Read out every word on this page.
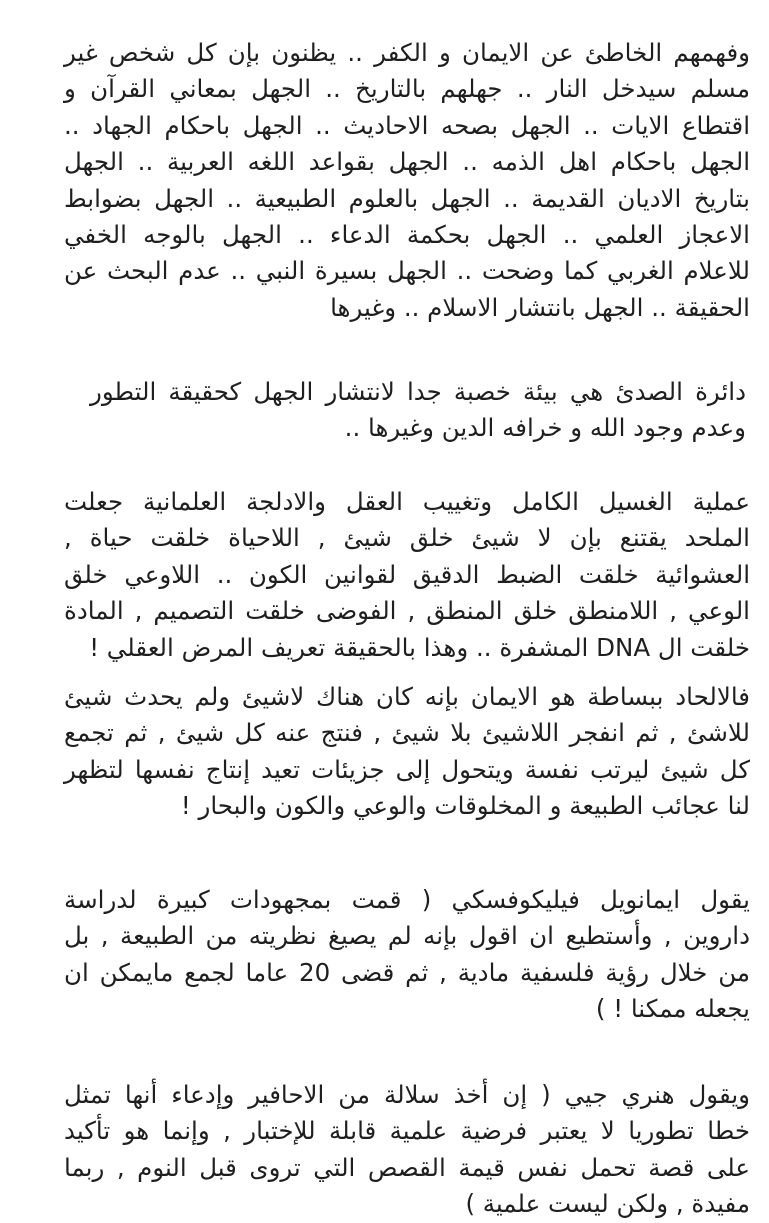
وفهمهم الخاطئ عن الايمان و الكفر .. يظنون بإن كل شخص غير
مسلم سيدخل النار .. جهلهم بالتاريخ .. الجهل بمعاني القرآن و
اقتطاع الايات .. الجهل بصحه الاحاديث .. الجهل باحكام الجهاد ..
الجهل باحكام اهل الذمه .. الجهل بقواعد اللغه العربية .. الجهل
بتاريخ الاديان القديمة .. الجهل بالعلوم الطبيعية .. الجهل بضوابط
الاعجاز العلمي .. الجهل بحكمة الدعاء .. الجهل بالوجه الخفي
للاعلام الغربي كما وضحت .. الجهل بسيرة النبي .. عدم البحث عن
الحقيقة .. الجهل بانتشار الاسلام .. وغيرها
دائرة الصدئ هي بيئة خصبة جدا لانتشار الجهل كحقيقة التطور
وعدم وجود الله و خرافه الدين وغيرها ..
عملية الغسيل الكامل وتغييب العقل والادلجة العلمانية جعلت
الملحد يقتنع بإن لا شيئ خلق شيئ , اللاحياة خلقت حياة ,
العشوائية خلقت الضبط الدقيق لقوانين الكون .. اللاوعي خلق
الوعي , اللامنطق خلق المنطق , الفوضى خلقت التصميم , المادة
خلقت ال DNA المشفرة .. وهذا بالحقيقة تعريف المرض العقلي !
فالالحاد ببساطة هو الايمان بإنه كان هناك لاشيئ ولم يحدث شيئ
للاشئ , ثم انفجر اللاشيئ بلا شيئ , فنتج عنه كل شيئ , ثم تجمع
كل شيئ ليرتب نفسة ويتحول إلى جزيئات تعيد إنتاج نفسها لتظهر
لنا عجائب الطبيعة و المخلوقات والوعي والكون والبحار !
يقول ايمانويل فيليكوفسكي ( قمت بمجهودات كبيرة لدراسة
داروين , وأستطيع ان اقول بإنه لم يصيغ نظريته من الطبيعة , بل
من خلال رؤية فلسفية مادية , ثم قضى 20 عاما لجمع مايمكن ان
يجعله ممكنا ! )
ويقول هنري جيي ( إن أخذ سلالة من الاحافير وإدعاء أنها تمثل
خطا تطوريا لا يعتبر فرضية علمية قابلة للإختبار , وإنما هو تأكيد
على قصة تحمل نفس قيمة القصص التي تروى قبل النوم , ربما
مفيدة , ولكن ليست علمية )
